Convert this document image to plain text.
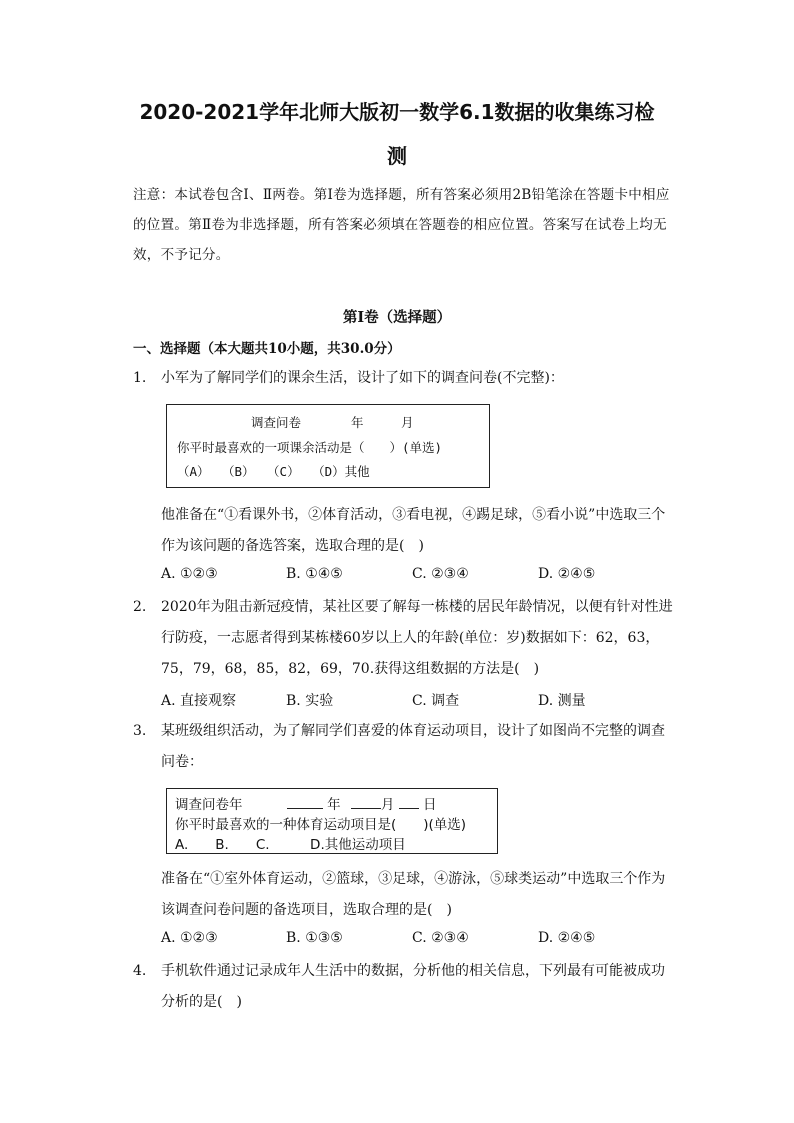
2020-2021学年北师大版初一数学6.1数据的收集练习检
测
注意：本试卷包含Ⅰ、Ⅱ两卷。第Ⅰ卷为选择题，所有答案必须用2B铅笔涂在答题卡中相应的位置。第Ⅱ卷为非选择题，所有答案必须填在答题卷的相应位置。答案写在试卷上均无效，不予记分。
第Ⅰ卷（选择题）
一、选择题（本大题共10小题，共30.0分）
1.	小军为了解同学们的课余生活，设计了如下的调查问卷(不完整)：
调查问卷　　　　年　　　月
你平时最喜欢的一项课余活动是（　　）(单选)
（A）　　（B）　　（C）　　（D）其他
他准备在“①看课外书，②体育活动，③看电视，④踢足球，⑤看小说”中选取三个作为该问题的备选答案，选取合理的是(　)
A. ①②③	B. ①④⑤	C. ②③④	D. ②④⑤
2.	2020年为阻击新冠疫情，某社区要了解每一栋楼的居民年龄情况，以便有针对性进行防疫，一志愿者得到某栋楼60岁以上人的年龄(单位：岁)数据如下：62，63，75，79，68，85，82，69，70.获得这组数据的方法是(　)
A. 直接观察	B. 实验	C. 调查	D. 测量
3.	某班级组织活动，为了解同学们喜爱的体育运动项目，设计了如图尚不完整的调查问卷：
调查问卷年	年	月 日
你平时最喜欢的一种体育运动项目是(　　)(单选)
A.　　B.　　C.　　　D.其他运动项目
准备在“①室外体育运动，②篮球，③足球，④游泳，⑤球类运动”中选取三个作为该调查问卷问题的备选项目，选取合理的是(　)
A. ①②③	B. ①③⑤	C. ②③④	D. ②④⑤
4.	手机软件通过记录成年人生活中的数据，分析他的相关信息，下列最有可能被成功分析的是(　)
